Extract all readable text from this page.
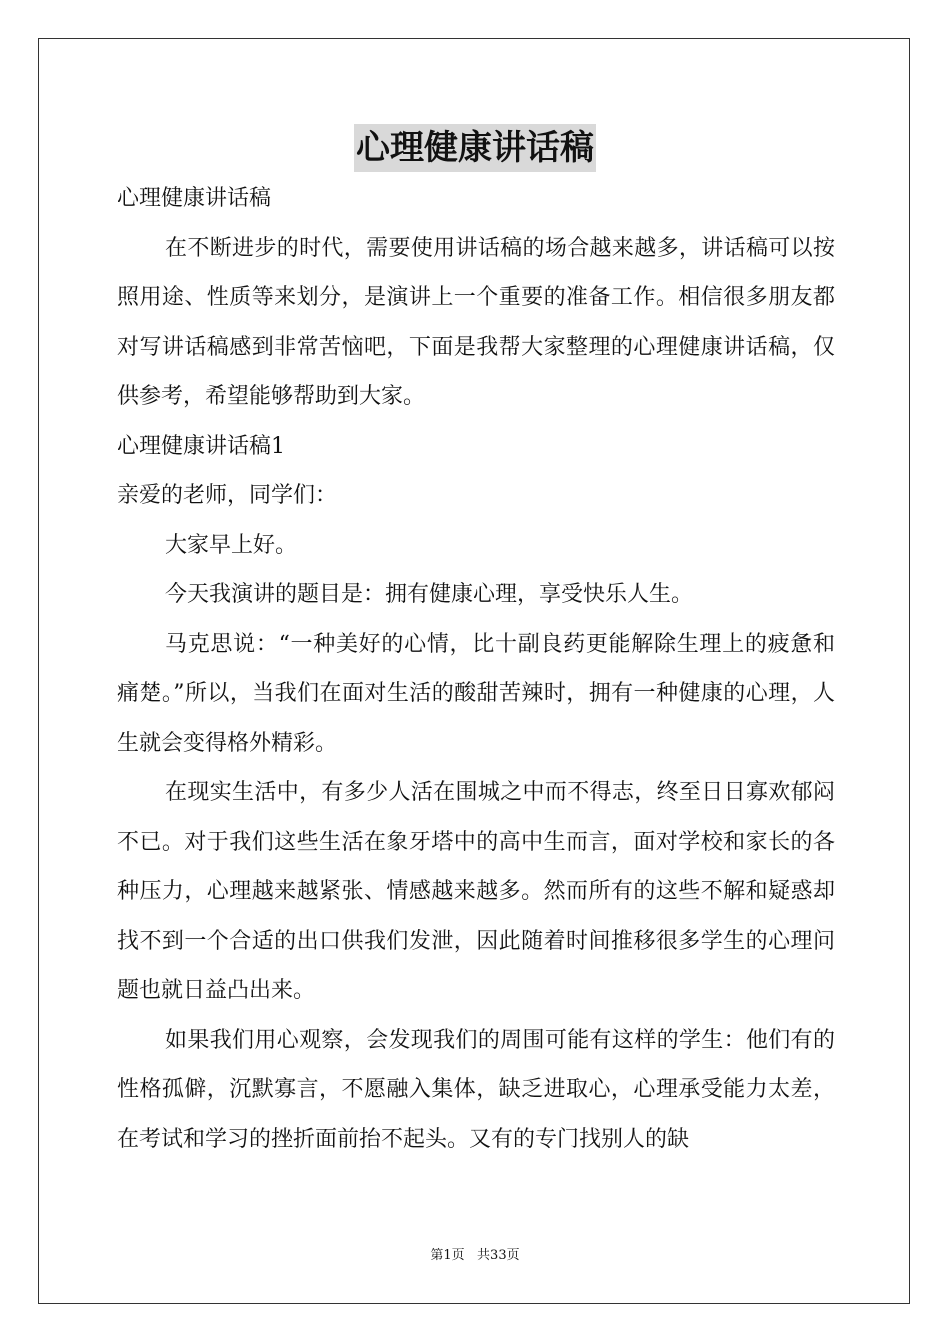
心理健康讲话稿

心理健康讲话稿

在不断进步的时代，需要使用讲话稿的场合越来越多，讲话稿可以按照用途、性质等来划分，是演讲上一个重要的准备工作。相信很多朋友都对写讲话稿感到非常苦恼吧，下面是我帮大家整理的心理健康讲话稿，仅供参考，希望能够帮助到大家。

心理健康讲话稿1

亲爱的老师，同学们：

大家早上好。

今天我演讲的题目是：拥有健康心理，享受快乐人生。

马克思说：“一种美好的心情，比十副良药更能解除生理上的疲惫和痛楚。”所以，当我们在面对生活的酸甜苦辣时，拥有一种健康的心理，人生就会变得格外精彩。

在现实生活中，有多少人活在围城之中而不得志，终至日日寡欢郁闷不已。对于我们这些生活在象牙塔中的高中生而言，面对学校和家长的各种压力，心理越来越紧张、情感越来越多。然而所有的这些不解和疑惑却找不到一个合适的出口供我们发泄，因此随着时间推移很多学生的心理问题也就日益凸出来。

如果我们用心观察，会发现我们的周围可能有这样的学生：他们有的性格孤僻，沉默寡言，不愿融入集体，缺乏进取心，心理承受能力太差，在考试和学习的挫折面前抬不起头。又有的专门找别人的缺

第1页   共33页
